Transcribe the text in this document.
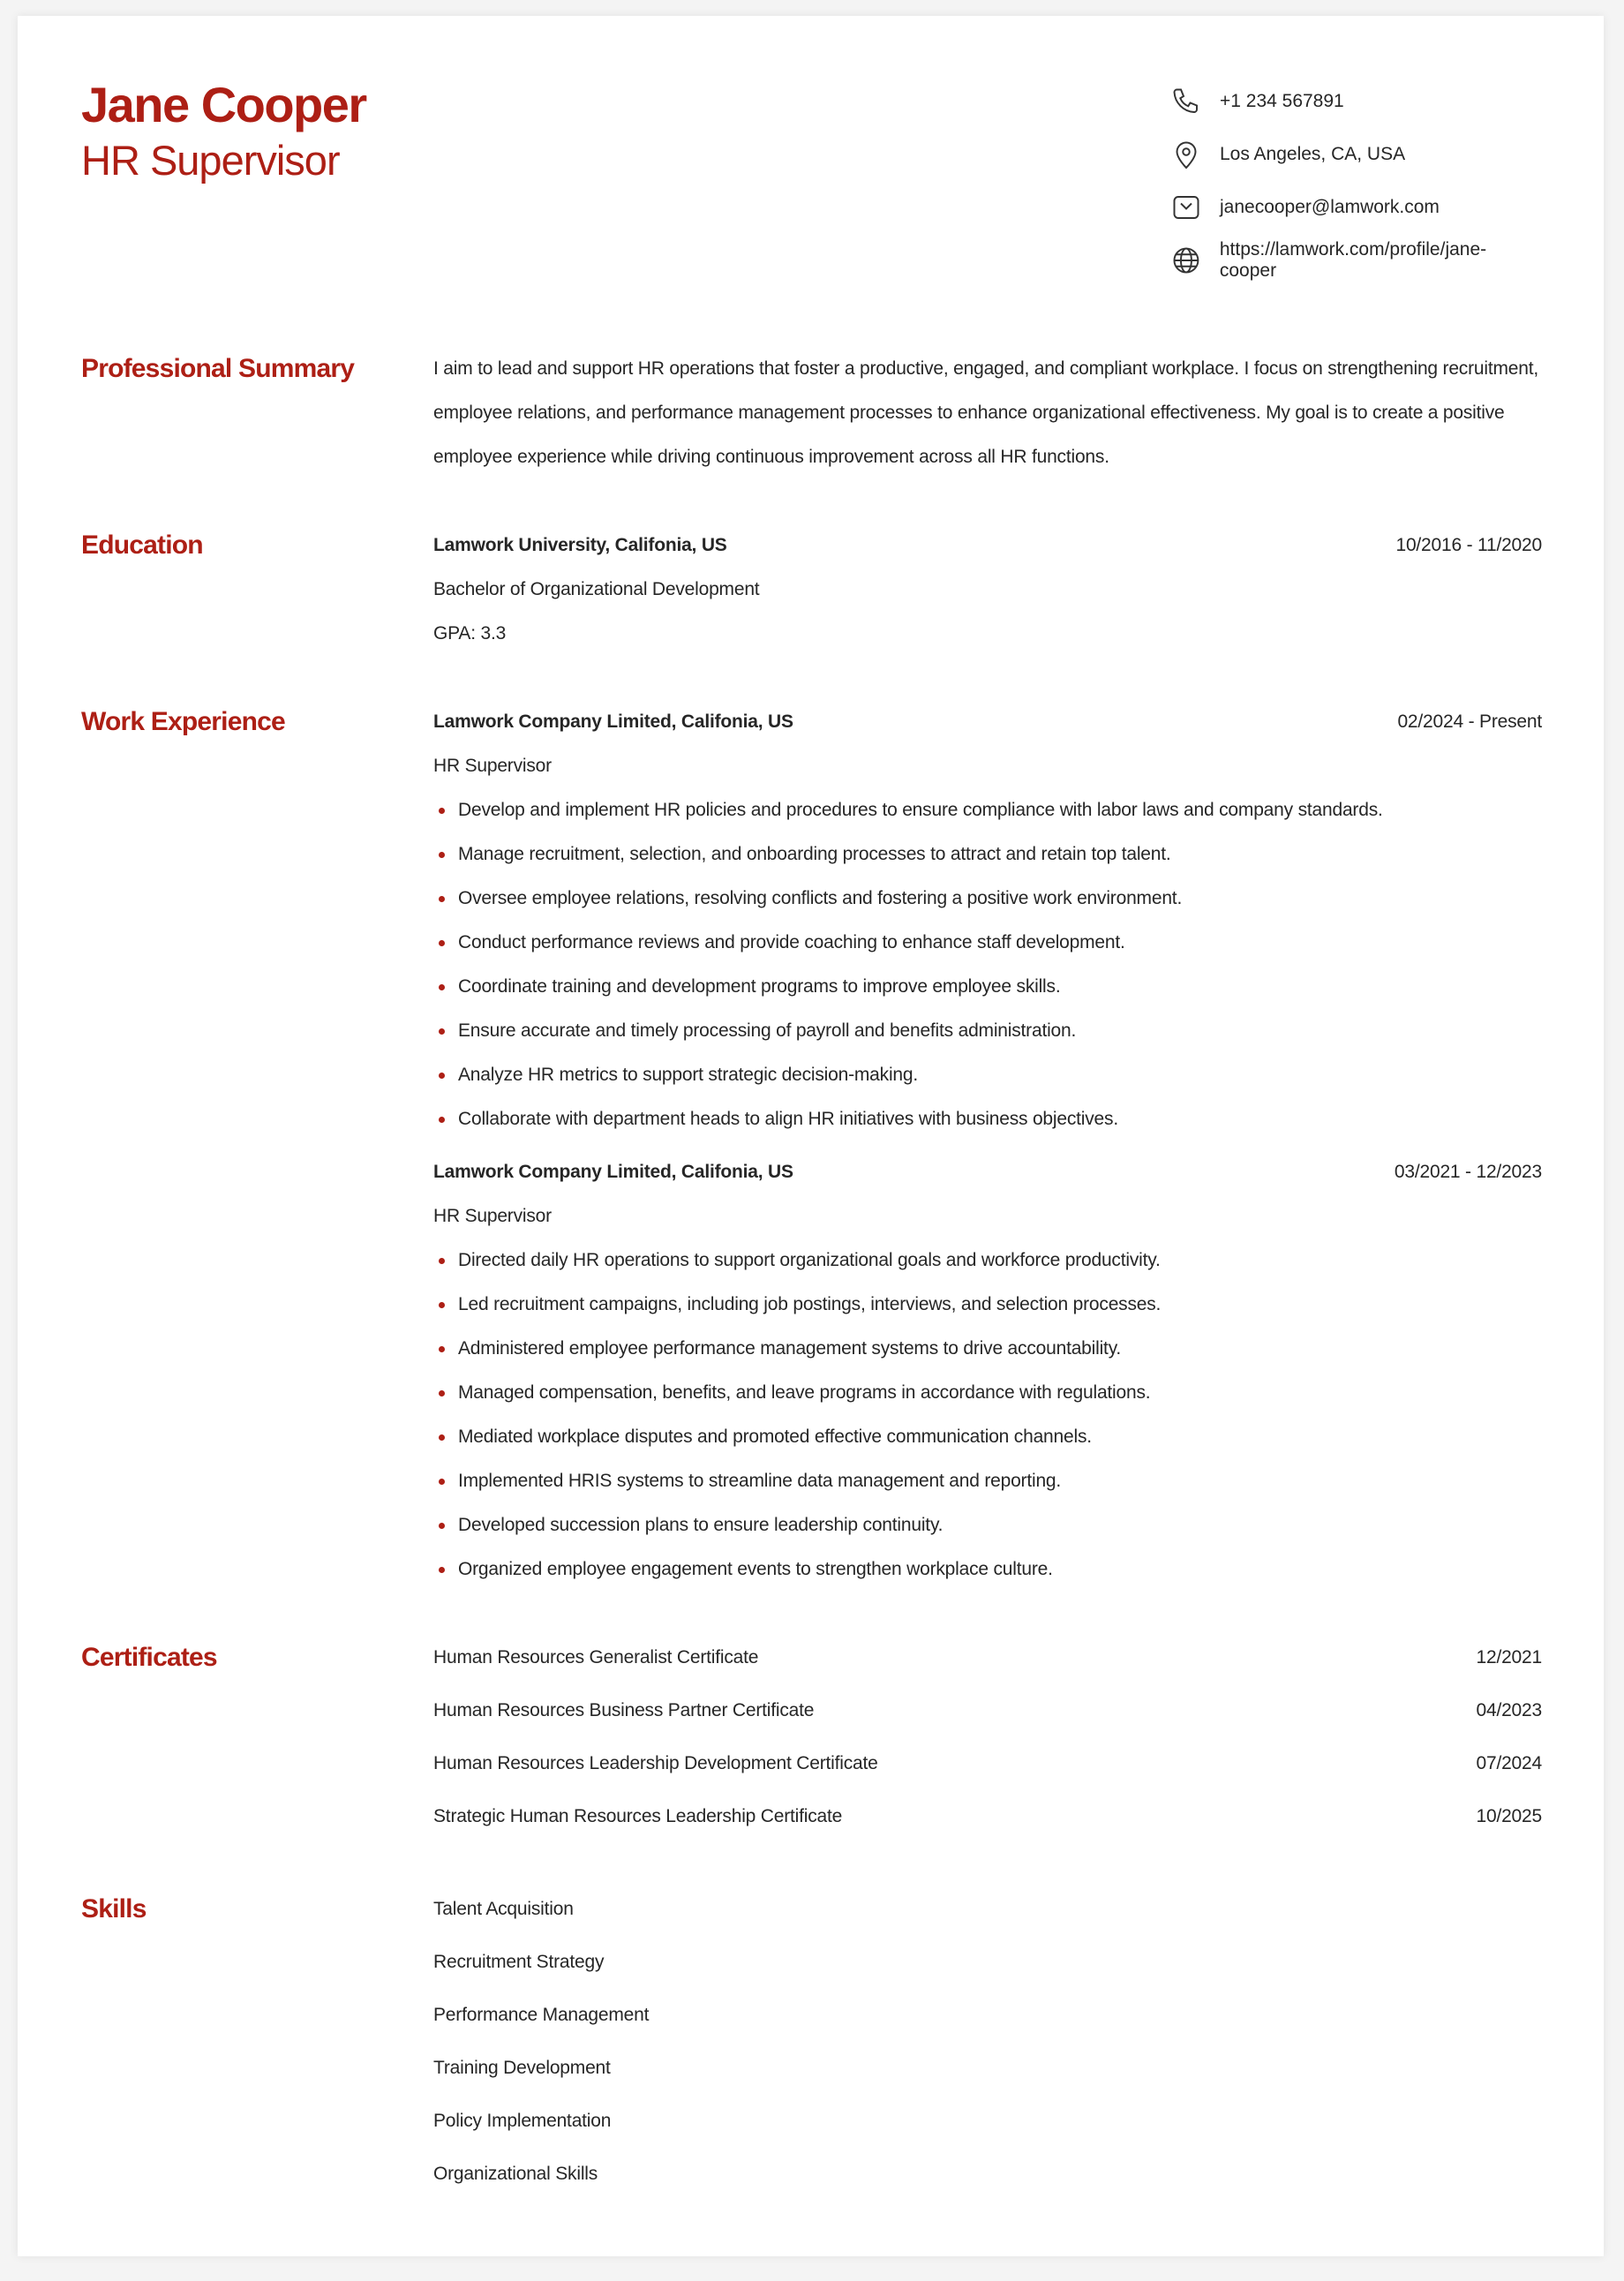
Jane Cooper
HR Supervisor
+1 234 567891
Los Angeles, CA, USA
janecooper@lamwork.com
https://lamwork.com/profile/jane-cooper
Professional Summary	I aim to lead and support HR operations that foster a productive, engaged, and compliant workplace. I focus on strengthening recruitment, employee relations, and performance management processes to enhance organizational effectiveness. My goal is to create a positive employee experience while driving continuous improvement across all HR functions.
Education	Lamwork University, Califonia, US	10/2016 - 11/2020
Bachelor of Organizational Development
GPA: 3.3
Work Experience	Lamwork Company Limited, Califonia, US	02/2024 - Present
HR Supervisor
Develop and implement HR policies and procedures to ensure compliance with labor laws and company standards.
Manage recruitment, selection, and onboarding processes to attract and retain top talent.
Oversee employee relations, resolving conflicts and fostering a positive work environment.
Conduct performance reviews and provide coaching to enhance staff development.
Coordinate training and development programs to improve employee skills.
Ensure accurate and timely processing of payroll and benefits administration.
Analyze HR metrics to support strategic decision-making.
Collaborate with department heads to align HR initiatives with business objectives.
Lamwork Company Limited, Califonia, US	03/2021 - 12/2023
HR Supervisor
Directed daily HR operations to support organizational goals and workforce productivity.
Led recruitment campaigns, including job postings, interviews, and selection processes.
Administered employee performance management systems to drive accountability.
Managed compensation, benefits, and leave programs in accordance with regulations.
Mediated workplace disputes and promoted effective communication channels.
Implemented HRIS systems to streamline data management and reporting.
Developed succession plans to ensure leadership continuity.
Organized employee engagement events to strengthen workplace culture.
Certificates	Human Resources Generalist Certificate	12/2021
Human Resources Business Partner Certificate	04/2023
Human Resources Leadership Development Certificate	07/2024
Strategic Human Resources Leadership Certificate	10/2025
Skills	Talent Acquisition
Recruitment Strategy
Performance Management
Training Development
Policy Implementation
Organizational Skills
